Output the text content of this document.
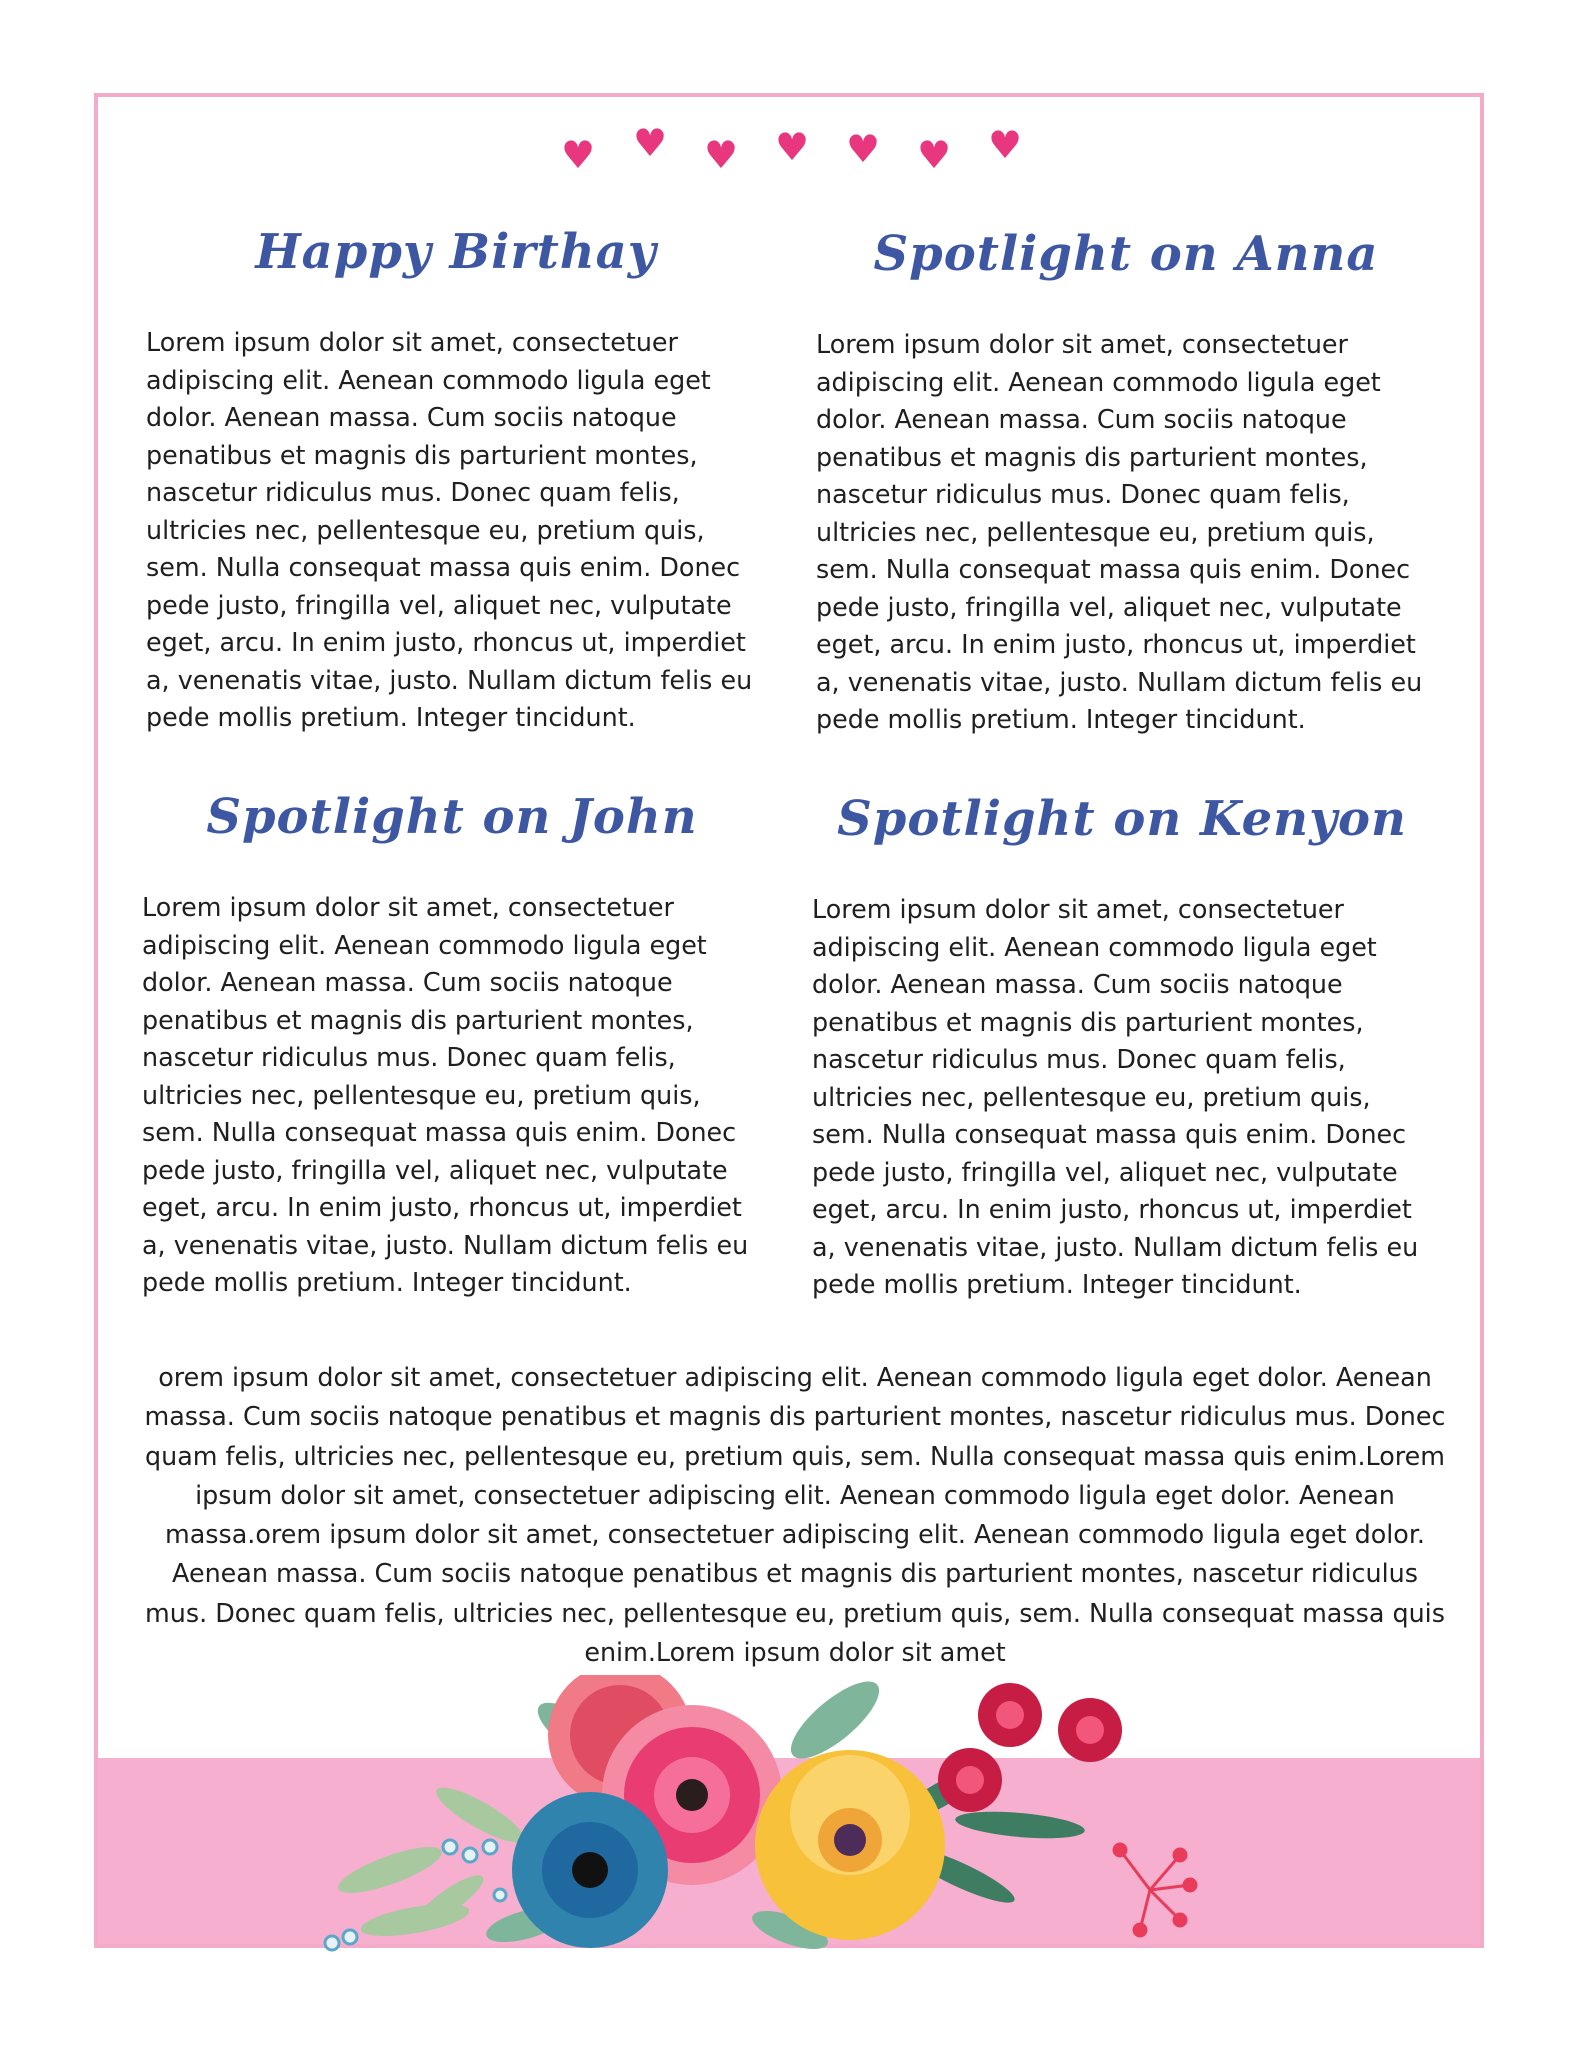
♥ ♥ ♥ ♥ ♥ ♥ ♥
Happy Birthay

Lorem ipsum dolor sit amet, consectetuer adipiscing elit. Aenean commodo ligula eget dolor. Aenean massa. Cum sociis natoque penatibus et magnis dis parturient montes, nascetur ridiculus mus. Donec quam felis, ultricies nec, pellentesque eu, pretium quis, sem. Nulla consequat massa quis enim. Donec pede justo, fringilla vel, aliquet nec, vulputate eget, arcu. In enim justo, rhoncus ut, imperdiet a, venenatis vitae, justo. Nullam dictum felis eu pede mollis pretium. Integer tincidunt.

Spotlight on Anna

Lorem ipsum dolor sit amet, consectetuer adipiscing elit. Aenean commodo ligula eget dolor. Aenean massa. Cum sociis natoque penatibus et magnis dis parturient montes, nascetur ridiculus mus. Donec quam felis, ultricies nec, pellentesque eu, pretium quis, sem. Nulla consequat massa quis enim. Donec pede justo, fringilla vel, aliquet nec, vulputate eget, arcu. In enim justo, rhoncus ut, imperdiet a, venenatis vitae, justo. Nullam dictum felis eu pede mollis pretium. Integer tincidunt.

Spotlight on John

Lorem ipsum dolor sit amet, consectetuer adipiscing elit. Aenean commodo ligula eget dolor. Aenean massa. Cum sociis natoque penatibus et magnis dis parturient montes, nascetur ridiculus mus. Donec quam felis, ultricies nec, pellentesque eu, pretium quis, sem. Nulla consequat massa quis enim. Donec pede justo, fringilla vel, aliquet nec, vulputate eget, arcu. In enim justo, rhoncus ut, imperdiet a, venenatis vitae, justo. Nullam dictum felis eu pede mollis pretium. Integer tincidunt.

Spotlight on Kenyon

Lorem ipsum dolor sit amet, consectetuer adipiscing elit. Aenean commodo ligula eget dolor. Aenean massa. Cum sociis natoque penatibus et magnis dis parturient montes, nascetur ridiculus mus. Donec quam felis, ultricies nec, pellentesque eu, pretium quis, sem. Nulla consequat massa quis enim. Donec pede justo, fringilla vel, aliquet nec, vulputate eget, arcu. In enim justo, rhoncus ut, imperdiet a, venenatis vitae, justo. Nullam dictum felis eu pede mollis pretium. Integer tincidunt.

orem ipsum dolor sit amet, consectetuer adipiscing elit. Aenean commodo ligula eget dolor. Aenean massa. Cum sociis natoque penatibus et magnis dis parturient montes, nascetur ridiculus mus. Donec quam felis, ultricies nec, pellentesque eu, pretium quis, sem. Nulla consequat massa quis enim.Lorem ipsum dolor sit amet, consectetuer adipiscing elit. Aenean commodo ligula eget dolor. Aenean massa.orem ipsum dolor sit amet, consectetuer adipiscing elit. Aenean commodo ligula eget dolor. Aenean massa. Cum sociis natoque penatibus et magnis dis parturient montes, nascetur ridiculus mus. Donec quam felis, ultricies nec, pellentesque eu, pretium quis, sem. Nulla consequat massa quis enim.Lorem ipsum dolor sit amet
